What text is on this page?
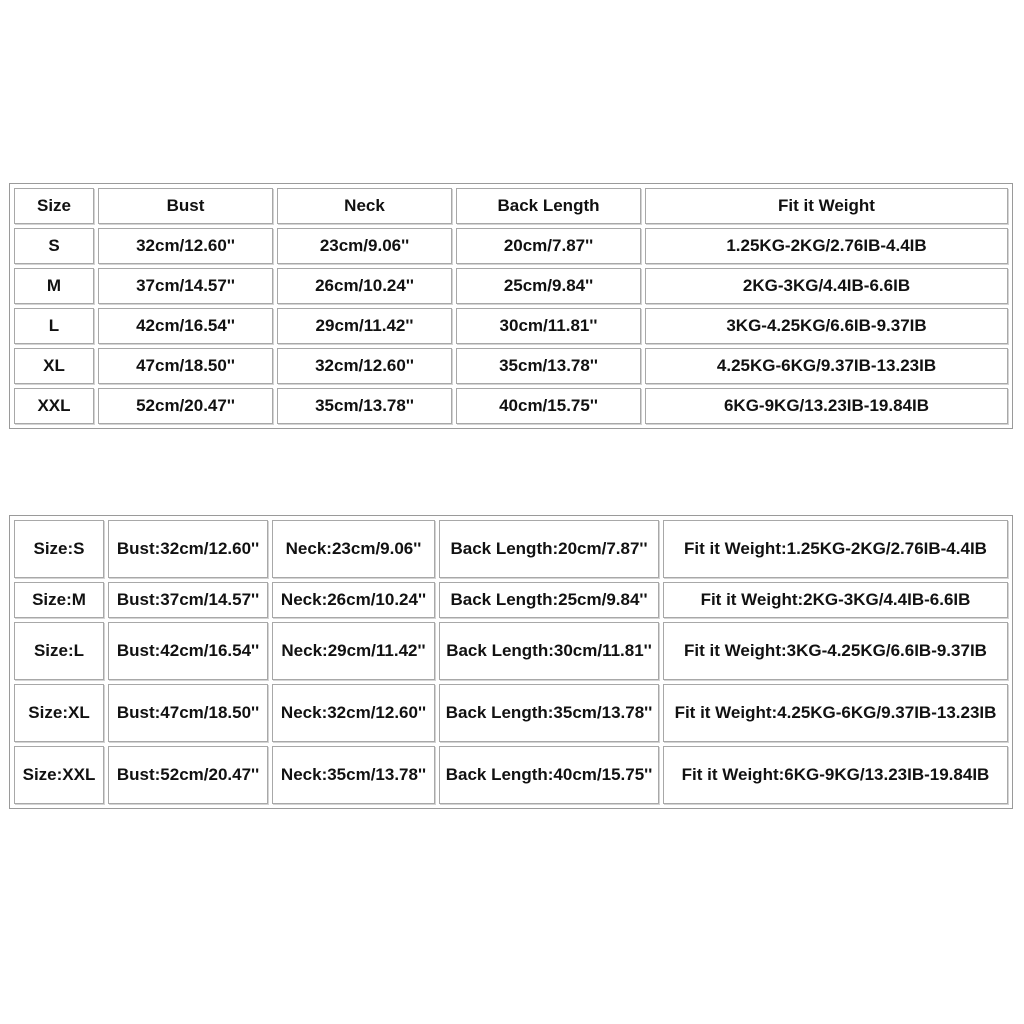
Size	Bust	Neck	Back Length	Fit it Weight
S	32cm/12.60''	23cm/9.06''	20cm/7.87''	1.25KG-2KG/2.76IB-4.4IB
M	37cm/14.57''	26cm/10.24''	25cm/9.84''	2KG-3KG/4.4IB-6.6IB
L	42cm/16.54''	29cm/11.42''	30cm/11.81''	3KG-4.25KG/6.6IB-9.37IB
XL	47cm/18.50''	32cm/12.60''	35cm/13.78''	4.25KG-6KG/9.37IB-13.23IB
XXL	52cm/20.47''	35cm/13.78''	40cm/15.75''	6KG-9KG/13.23IB-19.84IB
Size:S	Bust:32cm/12.60''	Neck:23cm/9.06''	Back Length:20cm/7.87''	Fit it Weight:1.25KG-2KG/2.76IB-4.4IB
Size:M	Bust:37cm/14.57''	Neck:26cm/10.24''	Back Length:25cm/9.84''	Fit it Weight:2KG-3KG/4.4IB-6.6IB
Size:L	Bust:42cm/16.54''	Neck:29cm/11.42''	Back Length:30cm/11.81''	Fit it Weight:3KG-4.25KG/6.6IB-9.37IB
Size:XL	Bust:47cm/18.50''	Neck:32cm/12.60''	Back Length:35cm/13.78''	Fit it Weight:4.25KG-6KG/9.37IB-13.23IB
Size:XXL	Bust:52cm/20.47''	Neck:35cm/13.78''	Back Length:40cm/15.75''	Fit it Weight:6KG-9KG/13.23IB-19.84IB
